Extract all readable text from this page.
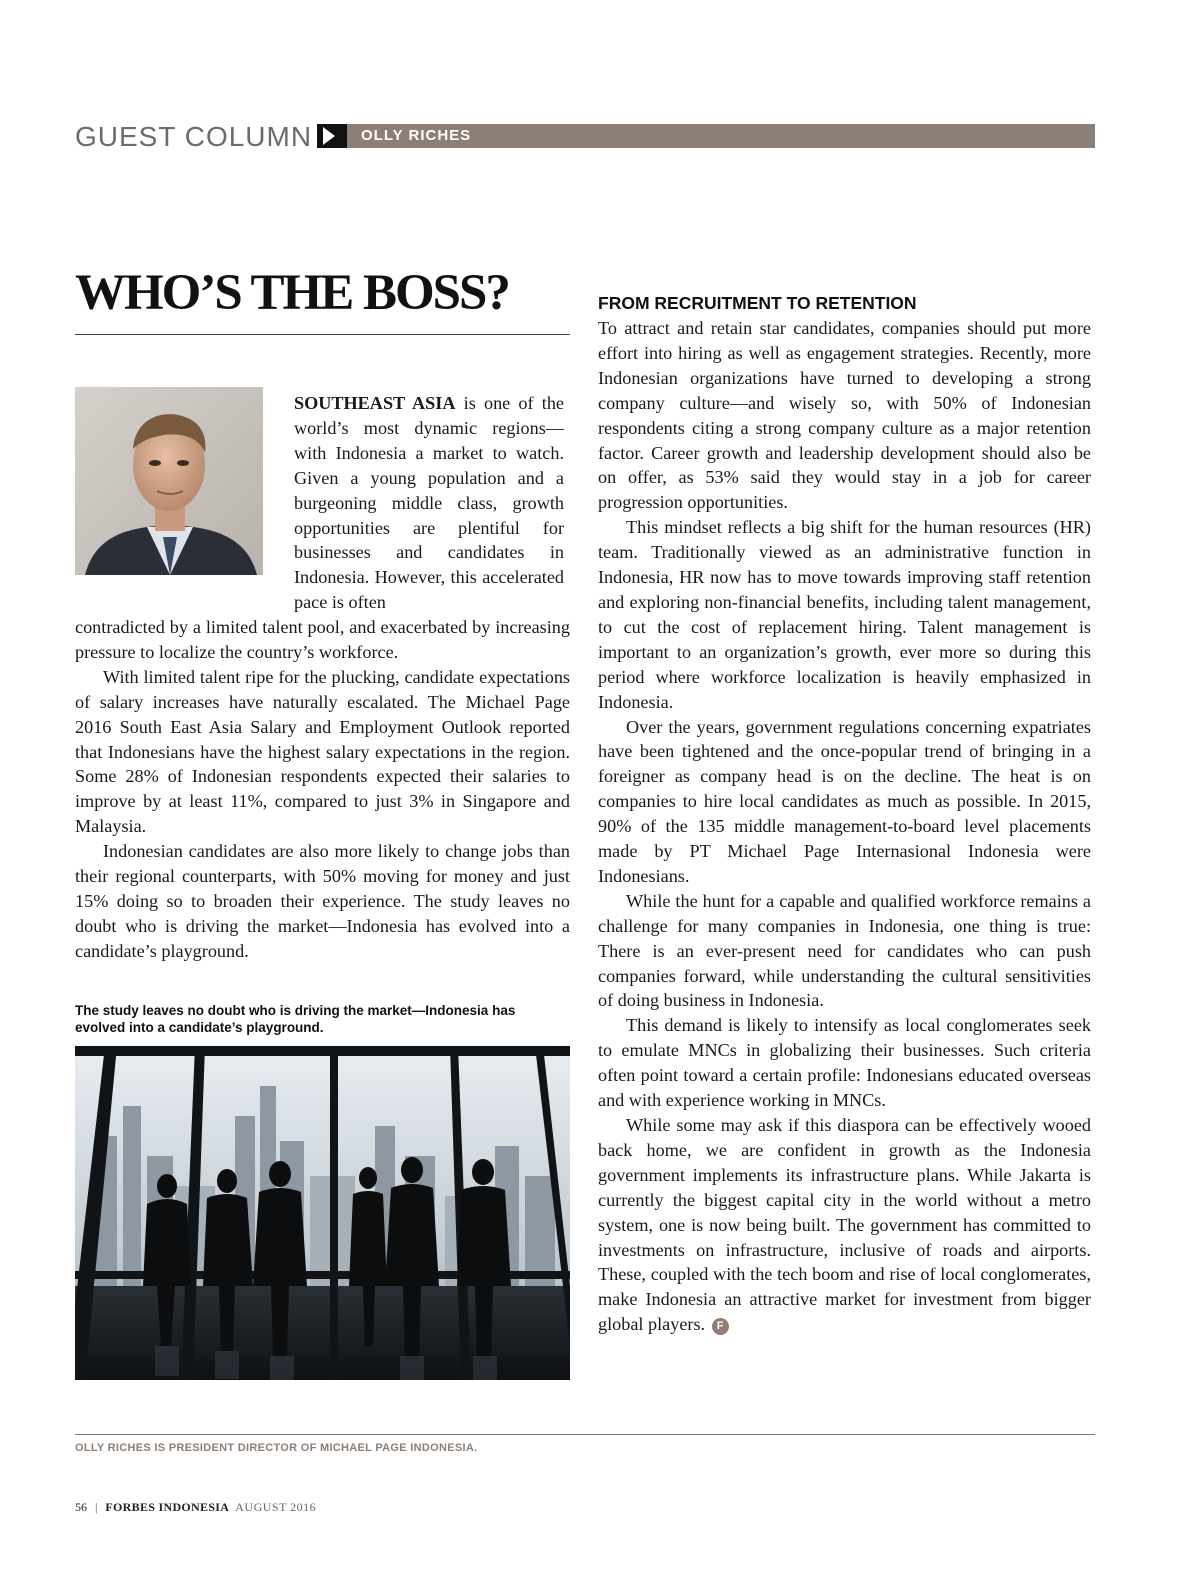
GUEST COLUMN	OLLY RICHES
WHO’S THE BOSS?

SOUTHEAST ASIA is one of the world’s most dynamic regions—with Indonesia a market to watch. Given a young population and a burgeoning middle class, growth opportunities are plentiful for businesses and candidates in Indonesia. However, this accelerated pace is often

contradicted by a limited talent pool, and exacerbated by increasing pressure to localize the country’s workforce.

With limited talent ripe for the plucking, candidate expectations of salary increases have naturally escalated. The Michael Page 2016 South East Asia Salary and Employment Outlook reported that Indonesians have the highest salary expectations in the region. Some 28% of Indonesian respondents expected their salaries to improve by at least 11%, compared to just 3% in Singapore and Malaysia.

Indonesian candidates are also more likely to change jobs than their regional counterparts, with 50% moving for money and just 15% doing so to broaden their experience. The study leaves no doubt who is driving the market—Indonesia has evolved into a candidate’s playground.

The study leaves no doubt who is driving the market—Indonesia has evolved into a candidate’s playground.
FROM RECRUITMENT TO RETENTION

To attract and retain star candidates, companies should put more effort into hiring as well as engagement strategies. Recently, more Indonesian organizations have turned to developing a strong company culture—and wisely so, with 50% of Indonesian respondents citing a strong company culture as a major retention factor. Career growth and leadership development should also be on offer, as 53% said they would stay in a job for career progression opportunities.

This mindset reflects a big shift for the human resources (HR) team. Traditionally viewed as an administrative function in Indonesia, HR now has to move towards improving staff retention and exploring non-financial benefits, including talent management, to cut the cost of replacement hiring. Talent management is important to an organization’s growth, ever more so during this period where workforce localization is heavily emphasized in Indonesia.

Over the years, government regulations concerning expatriates have been tightened and the once-popular trend of bringing in a foreigner as company head is on the decline. The heat is on companies to hire local candidates as much as possible. In 2015, 90% of the 135 middle management-to-board level placements made by PT Michael Page Internasional Indonesia were Indonesians.

While the hunt for a capable and qualified workforce remains a challenge for many companies in Indonesia, one thing is true: There is an ever-present need for candidates who can push companies forward, while understanding the cultural sensitivities of doing business in Indonesia.

This demand is likely to intensify as local conglomerates seek to emulate MNCs in globalizing their businesses. Such criteria often point toward a certain profile: Indonesians educated overseas and with experience working in MNCs.

While some may ask if this diaspora can be effectively wooed back home, we are confident in growth as the Indonesia government implements its infrastructure plans. While Jakarta is currently the biggest capital city in the world without a metro system, one is now being built. The government has committed to investments on infrastructure, inclusive of roads and airports. These, coupled with the tech boom and rise of local conglomerates, make Indonesia an attractive market for investment from bigger global players. F

OLLY RICHES IS PRESIDENT DIRECTOR OF MICHAEL PAGE INDONESIA.
56 | FORBES INDONESIA AUGUST 2016
